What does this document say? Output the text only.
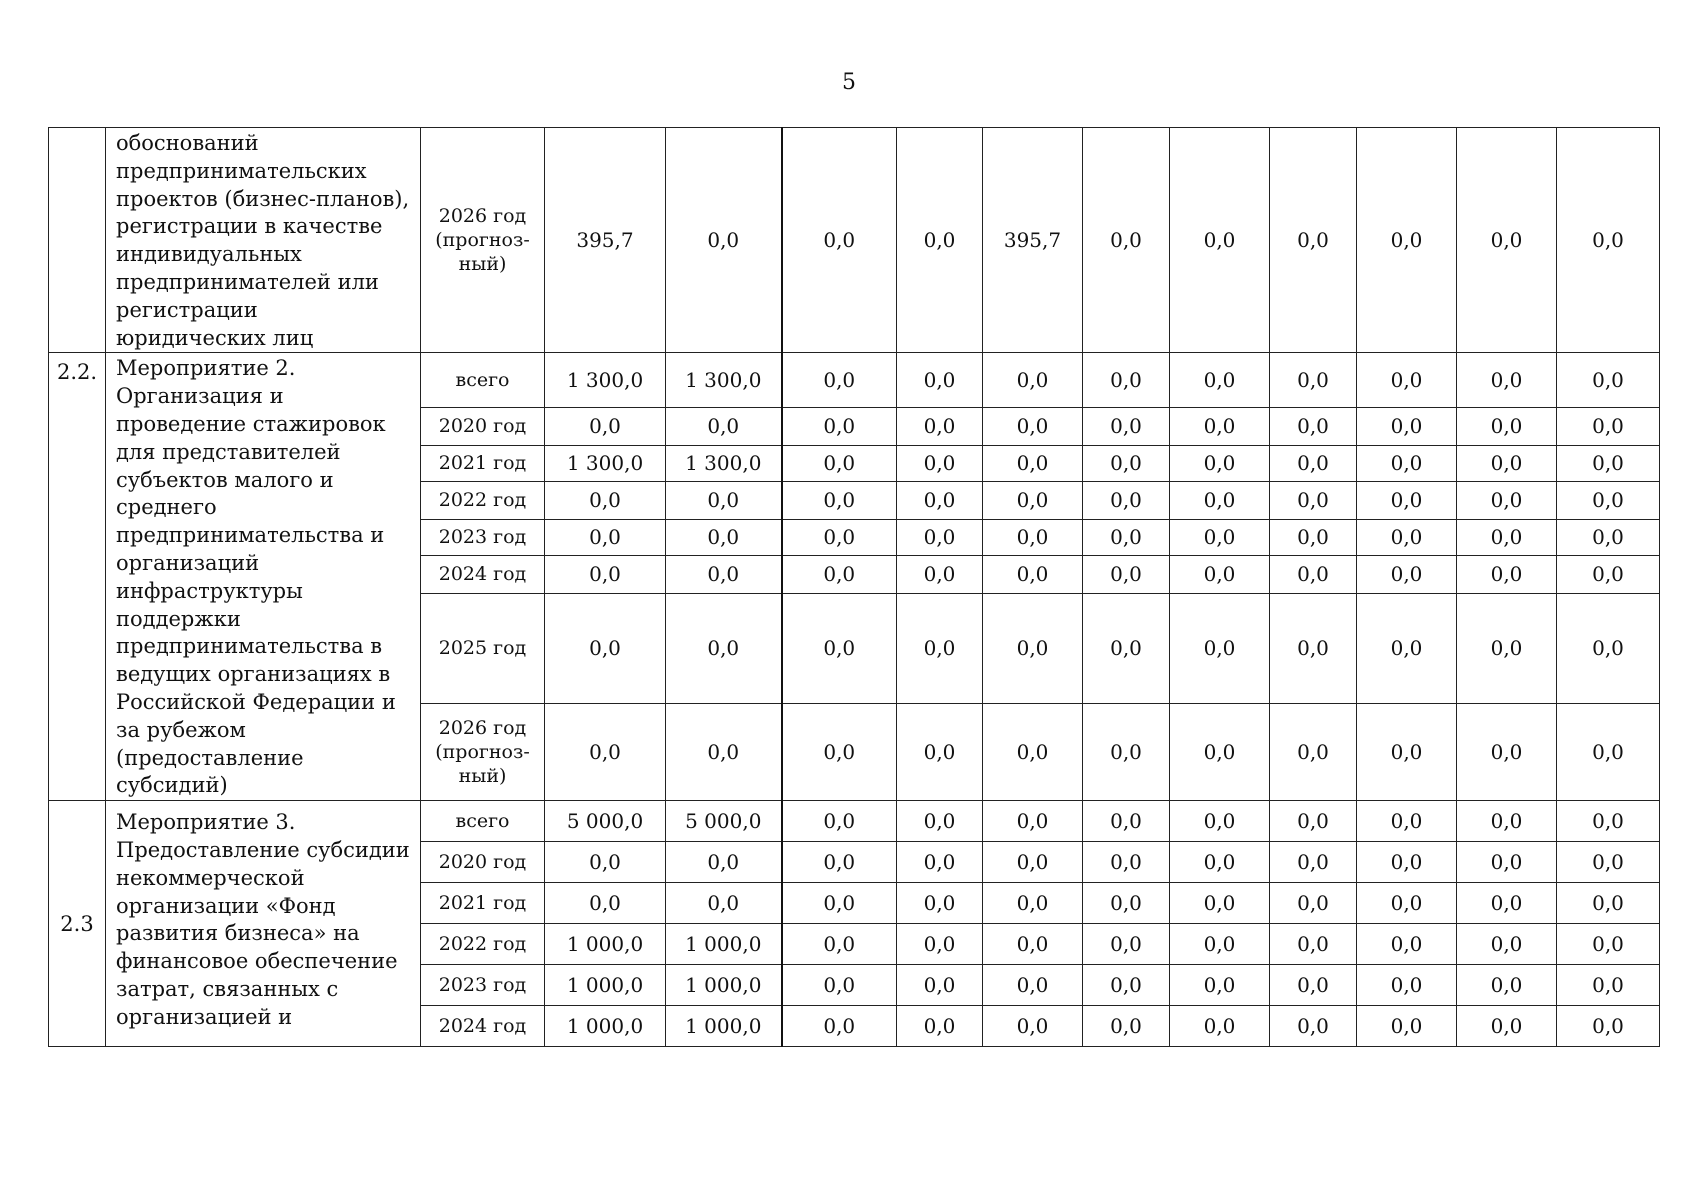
5
	обоснований предпринимательских проектов (бизнес-планов), регистрации в качестве индивидуальных предпринимателей или регистрации юридических лиц	2026 год (прогноз-ный)	395,7	0,0	0,0	0,0	395,7	0,0	0,0	0,0	0,0	0,0	0,0
2.2.	Мероприятие 2. Организация и проведение стажировок для представителей субъектов малого и среднего предпринимательства и организаций инфраструктуры поддержки предпринимательства в ведущих организациях в Российской Федерации и за рубежом (предоставление субсидий)	всего	1 300,0	1 300,0	0,0	0,0	0,0	0,0	0,0	0,0	0,0	0,0	0,0
		2020 год	0,0	0,0	0,0	0,0	0,0	0,0	0,0	0,0	0,0	0,0	0,0
		2021 год	1 300,0	1 300,0	0,0	0,0	0,0	0,0	0,0	0,0	0,0	0,0	0,0
		2022 год	0,0	0,0	0,0	0,0	0,0	0,0	0,0	0,0	0,0	0,0	0,0
		2023 год	0,0	0,0	0,0	0,0	0,0	0,0	0,0	0,0	0,0	0,0	0,0
		2024 год	0,0	0,0	0,0	0,0	0,0	0,0	0,0	0,0	0,0	0,0	0,0
		2025 год	0,0	0,0	0,0	0,0	0,0	0,0	0,0	0,0	0,0	0,0	0,0
		2026 год (прогноз-ный)	0,0	0,0	0,0	0,0	0,0	0,0	0,0	0,0	0,0	0,0	0,0
2.3	Мероприятие 3. Предоставление субсидии некоммерческой организации «Фонд развития бизнеса» на финансовое обеспечение затрат, связанных с организацией и	всего	5 000,0	5 000,0	0,0	0,0	0,0	0,0	0,0	0,0	0,0	0,0	0,0
		2020 год	0,0	0,0	0,0	0,0	0,0	0,0	0,0	0,0	0,0	0,0	0,0
		2021 год	0,0	0,0	0,0	0,0	0,0	0,0	0,0	0,0	0,0	0,0	0,0
		2022 год	1 000,0	1 000,0	0,0	0,0	0,0	0,0	0,0	0,0	0,0	0,0	0,0
		2023 год	1 000,0	1 000,0	0,0	0,0	0,0	0,0	0,0	0,0	0,0	0,0	0,0
		2024 год	1 000,0	1 000,0	0,0	0,0	0,0	0,0	0,0	0,0	0,0	0,0	0,0
